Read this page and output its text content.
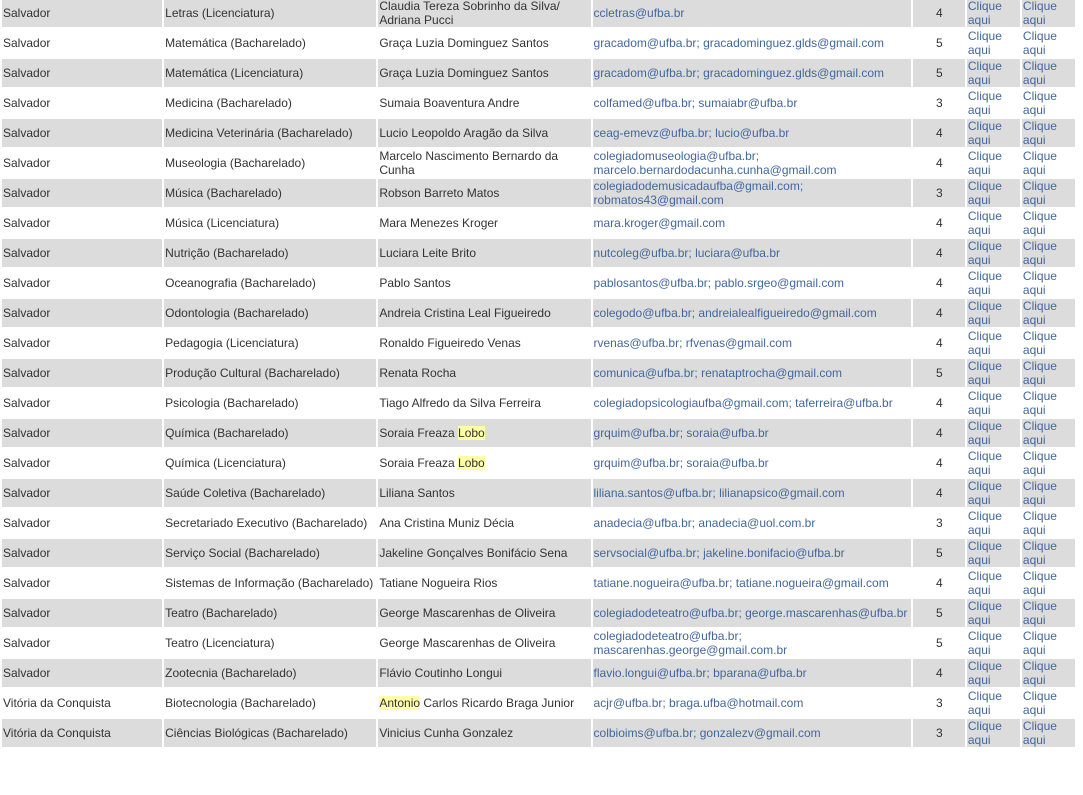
Salvador	Letras (Licenciatura)	Claudia Tereza Sobrinho da Silva/ Adriana Pucci	ccletras@ufba.br	4	Clique aqui	Clique aqui
Salvador	Matemática (Bacharelado)	Graça Luzia Dominguez Santos	gracadom@ufba.br; gracadominguez.glds@gmail.com	5	Clique aqui	Clique aqui
Salvador	Matemática (Licenciatura)	Graça Luzia Dominguez Santos	gracadom@ufba.br; gracadominguez.glds@gmail.com	5	Clique aqui	Clique aqui
Salvador	Medicina (Bacharelado)	Sumaia Boaventura Andre	colfamed@ufba.br; sumaiabr@ufba.br	3	Clique aqui	Clique aqui
Salvador	Medicina Veterinária (Bacharelado)	Lucio Leopoldo Aragão da Silva	ceag-emevz@ufba.br; lucio@ufba.br	4	Clique aqui	Clique aqui
Salvador	Museologia (Bacharelado)	Marcelo Nascimento Bernardo da Cunha	colegiadomuseologia@ufba.br; marcelo.bernardodacunha.cunha@gmail.com	4	Clique aqui	Clique aqui
Salvador	Música (Bacharelado)	Robson Barreto Matos	colegiadodemusicadaufba@gmail.com; robmatos43@gmail.com	3	Clique aqui	Clique aqui
Salvador	Música (Licenciatura)	Mara Menezes Kroger	mara.kroger@gmail.com	4	Clique aqui	Clique aqui
Salvador	Nutrição (Bacharelado)	Luciara Leite Brito	nutcoleg@ufba.br; luciara@ufba.br	4	Clique aqui	Clique aqui
Salvador	Oceanografia (Bacharelado)	Pablo Santos	pablosantos@ufba.br; pablo.srgeo@gmail.com	4	Clique aqui	Clique aqui
Salvador	Odontologia (Bacharelado)	Andreia Cristina Leal Figueiredo	colegodo@ufba.br; andreialealfigueiredo@gmail.com	4	Clique aqui	Clique aqui
Salvador	Pedagogia (Licenciatura)	Ronaldo Figueiredo Venas	rvenas@ufba.br; rfvenas@gmail.com	4	Clique aqui	Clique aqui
Salvador	Produção Cultural (Bacharelado)	Renata Rocha	comunica@ufba.br; renataptrocha@gmail.com	5	Clique aqui	Clique aqui
Salvador	Psicologia (Bacharelado)	Tiago Alfredo da Silva Ferreira	colegiadopsicologiaufba@gmail.com; taferreira@ufba.br	4	Clique aqui	Clique aqui
Salvador	Química (Bacharelado)	Soraia Freaza Lobo	grquim@ufba.br; soraia@ufba.br	4	Clique aqui	Clique aqui
Salvador	Química (Licenciatura)	Soraia Freaza Lobo	grquim@ufba.br; soraia@ufba.br	4	Clique aqui	Clique aqui
Salvador	Saúde Coletiva (Bacharelado)	Liliana Santos	liliana.santos@ufba.br; lilianapsico@gmail.com	4	Clique aqui	Clique aqui
Salvador	Secretariado Executivo (Bacharelado)	Ana Cristina Muniz Décia	anadecia@ufba.br; anadecia@uol.com.br	3	Clique aqui	Clique aqui
Salvador	Serviço Social (Bacharelado)	Jakeline Gonçalves Bonifácio Sena	servsocial@ufba.br; jakeline.bonifacio@ufba.br	5	Clique aqui	Clique aqui
Salvador	Sistemas de Informação (Bacharelado)	Tatiane Nogueira Rios	tatiane.nogueira@ufba.br; tatiane.nogueira@gmail.com	4	Clique aqui	Clique aqui
Salvador	Teatro (Bacharelado)	George Mascarenhas de Oliveira	colegiadodeteatro@ufba.br; george.mascarenhas@ufba.br	5	Clique aqui	Clique aqui
Salvador	Teatro (Licenciatura)	George Mascarenhas de Oliveira	colegiadodeteatro@ufba.br; mascarenhas.george@gmail.com.br	5	Clique aqui	Clique aqui
Salvador	Zootecnia (Bacharelado)	Flávio Coutinho Longui	flavio.longui@ufba.br; bparana@ufba.br	4	Clique aqui	Clique aqui
Vitória da Conquista	Biotecnologia (Bacharelado)	Antonio Carlos Ricardo Braga Junior	acjr@ufba.br; braga.ufba@hotmail.com	3	Clique aqui	Clique aqui
Vitória da Conquista	Ciências Biológicas (Bacharelado)	Vinicius Cunha Gonzalez	colbioims@ufba.br; gonzalezv@gmail.com	3	Clique aqui	Clique aqui
